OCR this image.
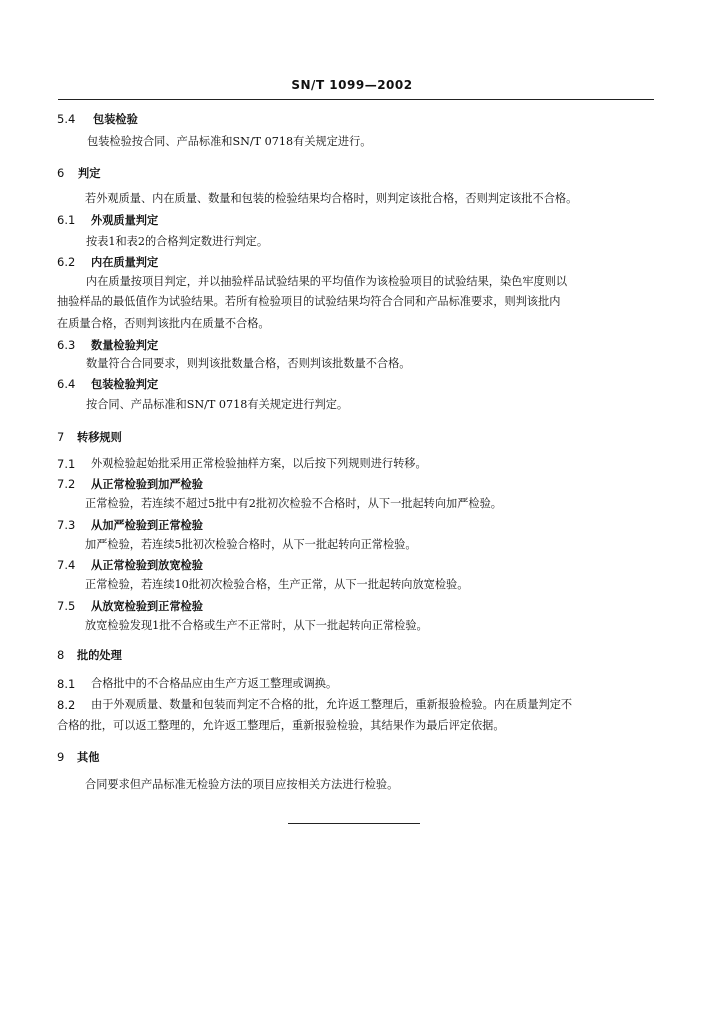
SN/T 1099—2002
5.4 包装检验
包装检验按合同、产品标准和SN/T 0718有关规定进行。
6 判定
若外观质量、内在质量、数量和包装的检验结果均合格时，则判定该批合格，否则判定该批不合格。
6.1 外观质量判定
按表1和表2的合格判定数进行判定。
6.2 内在质量判定
内在质量按项目判定，并以抽验样品试验结果的平均值作为该检验项目的试验结果，染色牢度则以
抽验样品的最低值作为试验结果。若所有检验项目的试验结果均符合合同和产品标准要求，则判该批内
在质量合格，否则判该批内在质量不合格。
6.3 数量检验判定
数量符合合同要求，则判该批数量合格，否则判该批数量不合格。
6.4 包装检验判定
按合同、产品标准和SN/T 0718有关规定进行判定。
7 转移规则
7.1 外观检验起始批采用正常检验抽样方案，以后按下列规则进行转移。
7.2 从正常检验到加严检验
正常检验，若连续不超过5批中有2批初次检验不合格时，从下一批起转向加严检验。
7.3 从加严检验到正常检验
加严检验，若连续5批初次检验合格时，从下一批起转向正常检验。
7.4 从正常检验到放宽检验
正常检验，若连续10批初次检验合格，生产正常，从下一批起转向放宽检验。
7.5 从放宽检验到正常检验
放宽检验发现1批不合格或生产不正常时，从下一批起转向正常检验。
8 批的处理
8.1 合格批中的不合格品应由生产方返工整理或调换。
8.2 由于外观质量、数量和包装而判定不合格的批，允许返工整理后，重新报验检验。内在质量判定不
合格的批，可以返工整理的，允许返工整理后，重新报验检验，其结果作为最后评定依据。
9 其他
合同要求但产品标准无检验方法的项目应按相关方法进行检验。
